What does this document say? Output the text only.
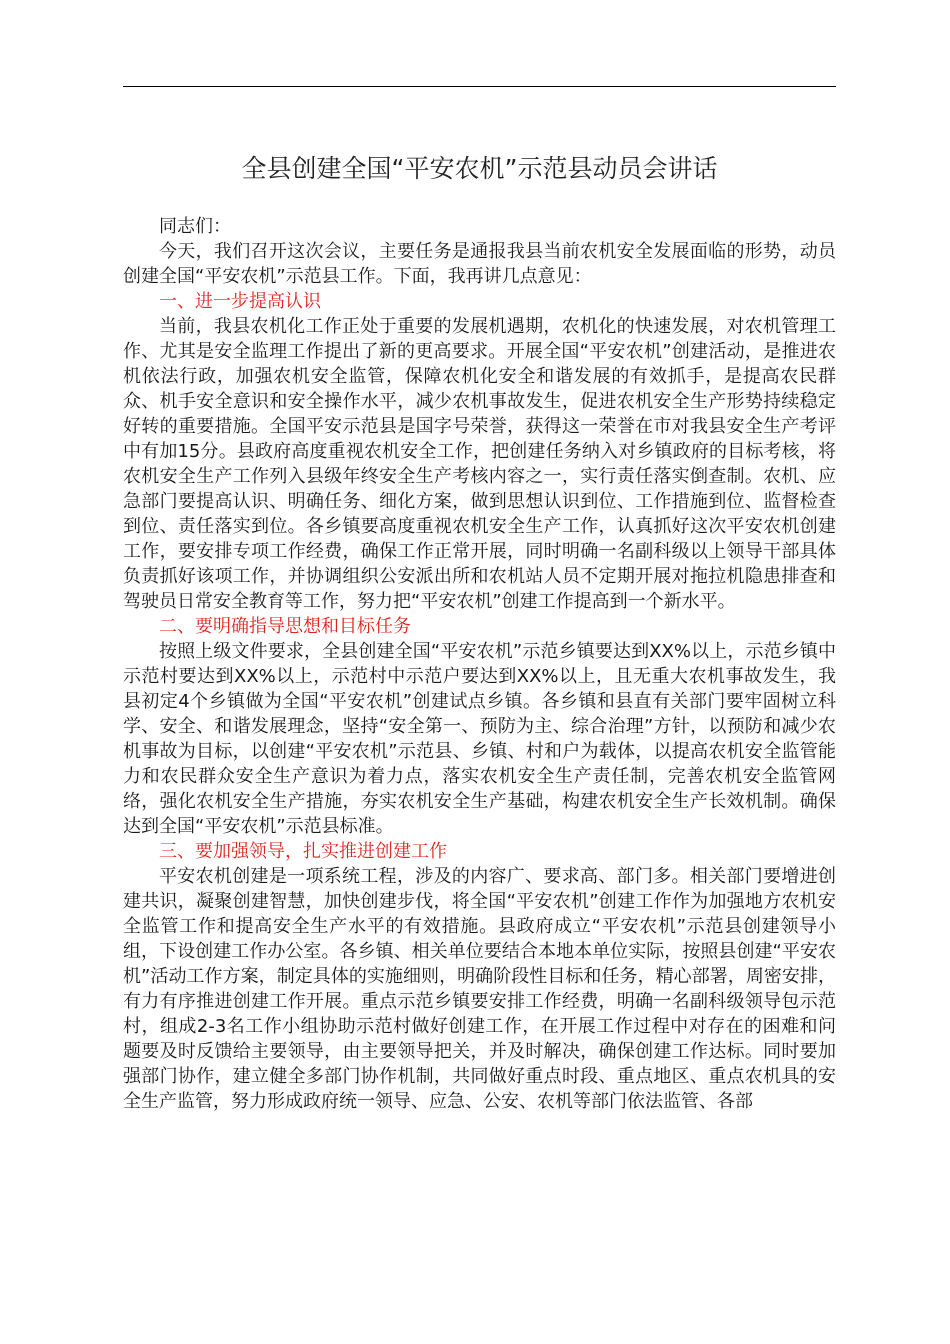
全县创建全国“平安农机”示范县动员会讲话

同志们：

今天，我们召开这次会议，主要任务是通报我县当前农机安全发展面临的形势，动员创建全国“平安农机”示范县工作。下面，我再讲几点意见：

一、进一步提高认识

当前，我县农机化工作正处于重要的发展机遇期，农机化的快速发展，对农机管理工作、尤其是安全监理工作提出了新的更高要求。开展全国“平安农机”创建活动，是推进农机依法行政，加强农机安全监管，保障农机化安全和谐发展的有效抓手，是提高农民群众、机手安全意识和安全操作水平，减少农机事故发生，促进农机安全生产形势持续稳定好转的重要措施。全国平安示范县是国字号荣誉，获得这一荣誉在市对我县安全生产考评中有加15分。县政府高度重视农机安全工作，把创建任务纳入对乡镇政府的目标考核，将农机安全生产工作列入县级年终安全生产考核内容之一，实行责任落实倒查制。农机、应急部门要提高认识、明确任务、细化方案，做到思想认识到位、工作措施到位、监督检查到位、责任落实到位。各乡镇要高度重视农机安全生产工作，认真抓好这次平安农机创建工作，要安排专项工作经费，确保工作正常开展，同时明确一名副科级以上领导干部具体负责抓好该项工作，并协调组织公安派出所和农机站人员不定期开展对拖拉机隐患排查和驾驶员日常安全教育等工作，努力把“平安农机”创建工作提高到一个新水平。

二、要明确指导思想和目标任务

按照上级文件要求，全县创建全国“平安农机”示范乡镇要达到XX%以上，示范乡镇中示范村要达到XX%以上，示范村中示范户要达到XX%以上，且无重大农机事故发生，我县初定4个乡镇做为全国“平安农机”创建试点乡镇。各乡镇和县直有关部门要牢固树立科学、安全、和谐发展理念，坚持“安全第一、预防为主、综合治理”方针，以预防和减少农机事故为目标，以创建“平安农机”示范县、乡镇、村和户为载体，以提高农机安全监管能力和农民群众安全生产意识为着力点，落实农机安全生产责任制，完善农机安全监管网络，强化农机安全生产措施，夯实农机安全生产基础，构建农机安全生产长效机制。确保达到全国“平安农机”示范县标准。

三、要加强领导，扎实推进创建工作

平安农机创建是一项系统工程，涉及的内容广、要求高、部门多。相关部门要增进创建共识，凝聚创建智慧，加快创建步伐，将全国“平安农机”创建工作作为加强地方农机安全监管工作和提高安全生产水平的有效措施。县政府成立“平安农机”示范县创建领导小组，下设创建工作办公室。各乡镇、相关单位要结合本地本单位实际，按照县创建“平安农机”活动工作方案，制定具体的实施细则，明确阶段性目标和任务，精心部署，周密安排，有力有序推进创建工作开展。重点示范乡镇要安排工作经费，明确一名副科级领导包示范村，组成2-3名工作小组协助示范村做好创建工作，在开展工作过程中对存在的困难和问题要及时反馈给主要领导，由主要领导把关，并及时解决，确保创建工作达标。同时要加强部门协作，建立健全多部门协作机制，共同做好重点时段、重点地区、重点农机具的安全生产监管，努力形成政府统一领导、应急、公安、农机等部门依法监管、各部
